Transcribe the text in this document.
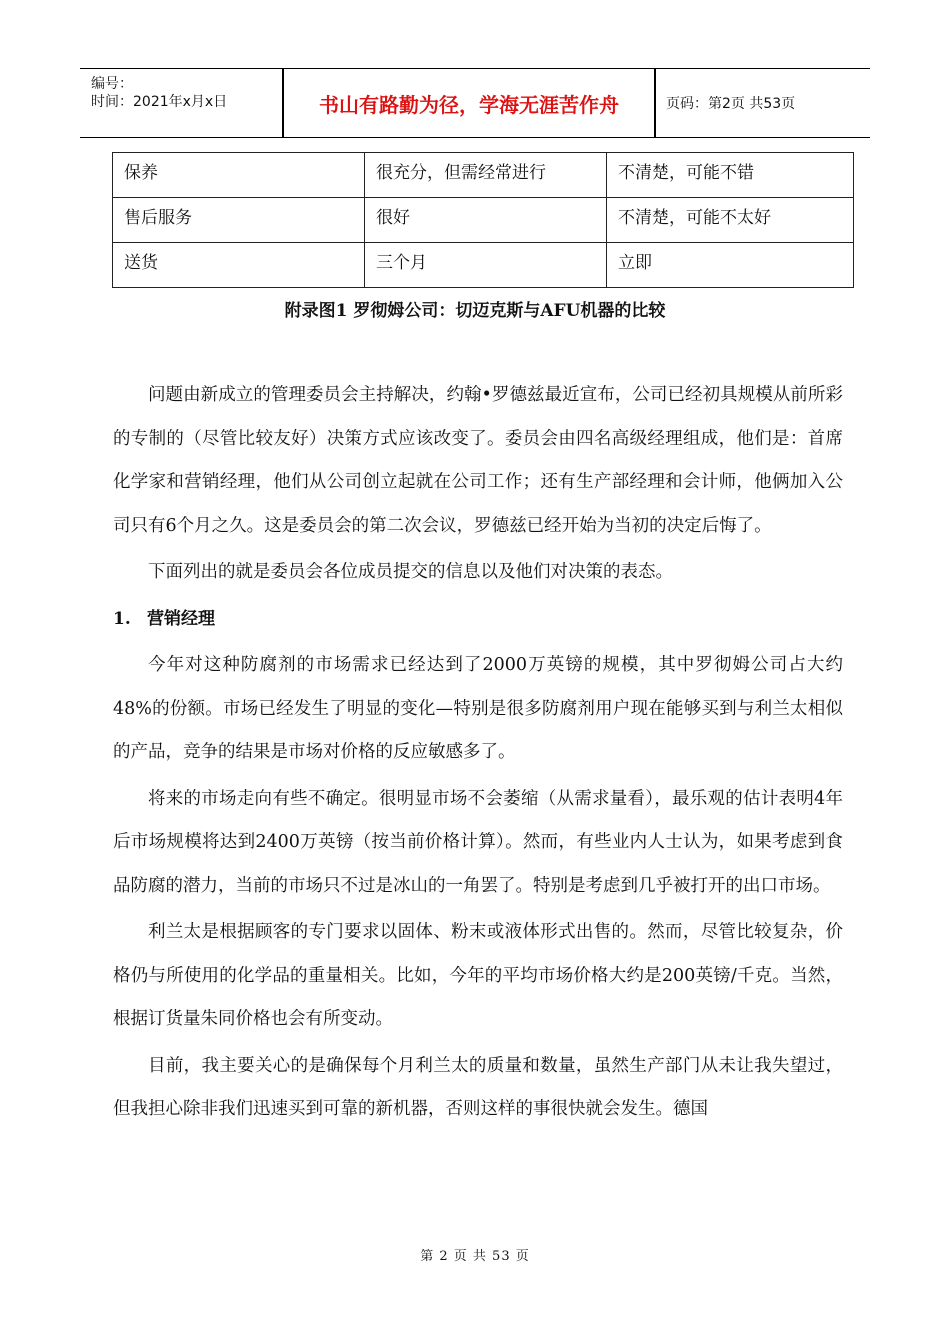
编号：
时间：2021年x月x日	书山有路勤为径，学海无涯苦作舟	页码：第2页 共53页
保养	很充分，但需经常进行	不清楚，可能不错
售后服务	很好	不清楚，可能不太好
送货	三个月	立即
附录图1 罗彻姆公司：切迈克斯与AFU机器的比较

问题由新成立的管理委员会主持解决，约翰•罗德兹最近宣布，公司已经初具规模从前所彩的专制的（尽管比较友好）决策方式应该改变了。委员会由四名高级经理组成，他们是：首席化学家和营销经理，他们从公司创立起就在公司工作；还有生产部经理和会计师，他俩加入公司只有6个月之久。这是委员会的第二次会议，罗德兹已经开始为当初的决定后悔了。

下面列出的就是委员会各位成员提交的信息以及他们对决策的表态。

1. 营销经理

今年对这种防腐剂的市场需求已经达到了2000万英镑的规模，其中罗彻姆公司占大约48%的份额。市场已经发生了明显的变化—特别是很多防腐剂用户现在能够买到与利兰太相似的产品，竞争的结果是市场对价格的反应敏感多了。

将来的市场走向有些不确定。很明显市场不会萎缩（从需求量看），最乐观的估计表明4年后市场规模将达到2400万英镑（按当前价格计算）。然而，有些业内人士认为，如果考虑到食品防腐的潜力，当前的市场只不过是冰山的一角罢了。特别是考虑到几乎被打开的出口市场。

利兰太是根据顾客的专门要求以固体、粉末或液体形式出售的。然而，尽管比较复杂，价格仍与所使用的化学品的重量相关。比如，今年的平均市场价格大约是200英镑/千克。当然，根据订货量朱同价格也会有所变动。

目前，我主要关心的是确保每个月利兰太的质量和数量，虽然生产部门从未让我失望过，但我担心除非我们迅速买到可靠的新机器，否则这样的事很快就会发生。德国

第 2 页 共 53 页
